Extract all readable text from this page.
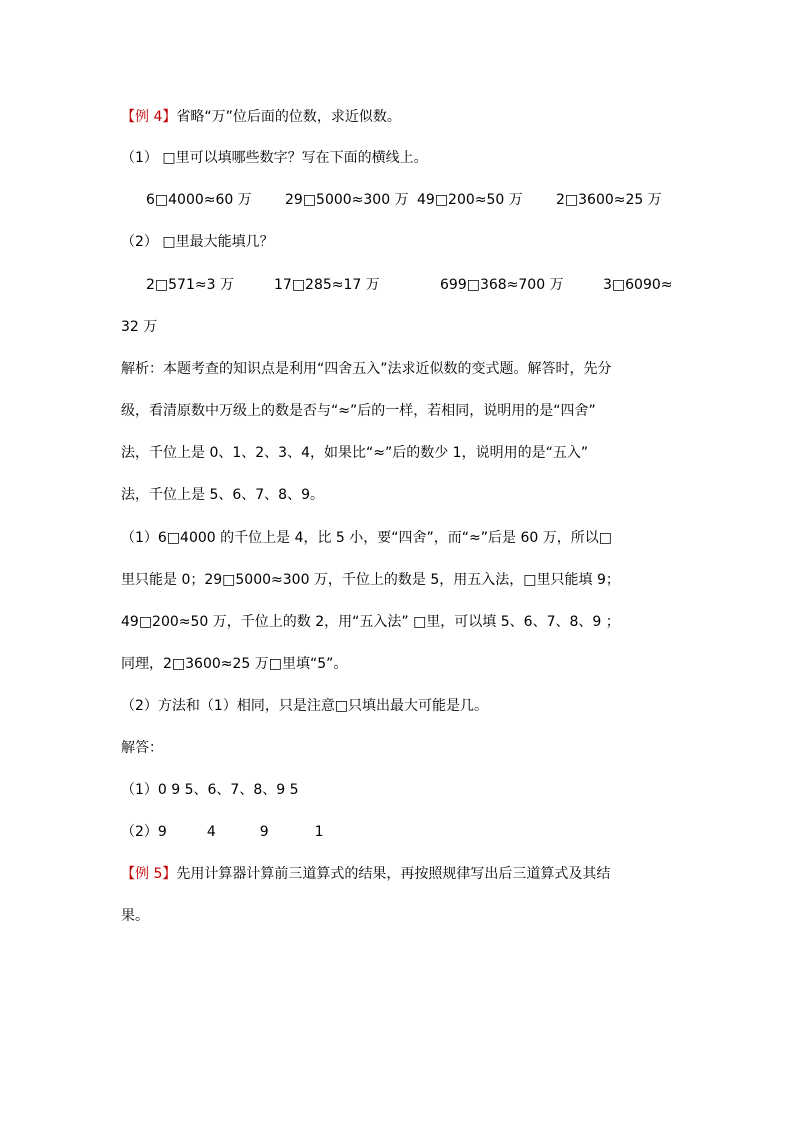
【例 4】省略“万”位后面的位数，求近似数。
（1） □里可以填哪些数字？写在下面的横线上。
6□4000≈60 万 29□5000≈300 万 49□200≈50 万 2□3600≈25 万
（2） □里最大能填几？
2□571≈3 万	17□285≈17 万	699□368≈700 万	3□6090≈
32 万
解析：本题考查的知识点是利用“四舍五入”法求近似数的变式题。解答时，先分
级，看清原数中万级上的数是否与“≈”后的一样，若相同，说明用的是“四舍”
法，千位上是 0、1、2、3、4，如果比“≈”后的数少 1，说明用的是“五入”
法，千位上是 5、6、7、8、9。
（1）6□4000 的千位上是 4，比 5 小，要“四舍”，而“≈”后是 60 万，所以□
里只能是 0；29□5000≈300 万，千位上的数是 5，用五入法，□里只能填 9；
49□200≈50 万，千位上的数 2，用“五入法” □里，可以填 5、6、7、8、9 ；
同理，2□3600≈25 万□里填“5”。
（2）方法和（1）相同，只是注意□只填出最大可能是几。
解答：
（1）0 9 5、6、7、8、9 5
（2）9	4	9	1
【例 5】先用计算器计算前三道算式的结果，再按照规律写出后三道算式及其结
果。
